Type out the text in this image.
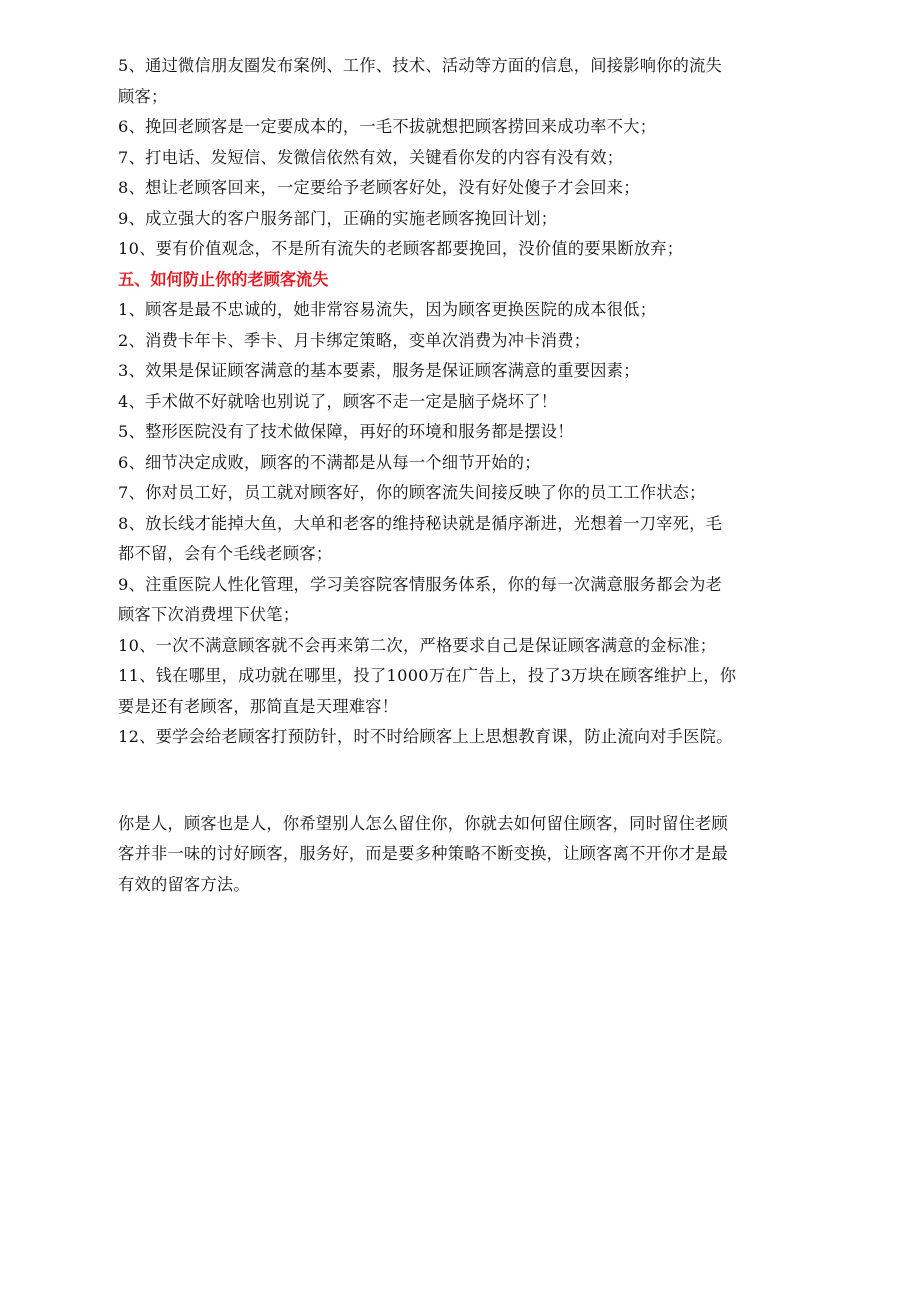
5、通过微信朋友圈发布案例、工作、技术、活动等方面的信息，间接影响你的流失
顾客；
6、挽回老顾客是一定要成本的，一毛不拔就想把顾客捞回来成功率不大；
7、打电话、发短信、发微信依然有效，关键看你发的内容有没有效；
8、想让老顾客回来，一定要给予老顾客好处，没有好处傻子才会回来；
9、成立强大的客户服务部门，正确的实施老顾客挽回计划；
10、要有价值观念，不是所有流失的老顾客都要挽回，没价值的要果断放弃；
五、如何防止你的老顾客流失
1、顾客是最不忠诚的，她非常容易流失，因为顾客更换医院的成本很低；
2、消费卡年卡、季卡、月卡绑定策略，变单次消费为冲卡消费；
3、效果是保证顾客满意的基本要素，服务是保证顾客满意的重要因素；
4、手术做不好就啥也别说了，顾客不走一定是脑子烧坏了！
5、整形医院没有了技术做保障，再好的环境和服务都是摆设！
6、细节决定成败，顾客的不满都是从每一个细节开始的；
7、你对员工好，员工就对顾客好，你的顾客流失间接反映了你的员工工作状态；
8、放长线才能掉大鱼，大单和老客的维持秘诀就是循序渐进，光想着一刀宰死，毛
都不留，会有个毛线老顾客；
9、注重医院人性化管理，学习美容院客情服务体系，你的每一次满意服务都会为老
顾客下次消费埋下伏笔；
10、一次不满意顾客就不会再来第二次，严格要求自己是保证顾客满意的金标准；
11、钱在哪里，成功就在哪里，投了1000万在广告上，投了3万块在顾客维护上，你
要是还有老顾客，那简直是天理难容！
12、要学会给老顾客打预防针，时不时给顾客上上思想教育课，防止流向对手医院。
你是人，顾客也是人，你希望别人怎么留住你，你就去如何留住顾客，同时留住老顾
客并非一味的讨好顾客，服务好，而是要多种策略不断变换，让顾客离不开你才是最
有效的留客方法。
